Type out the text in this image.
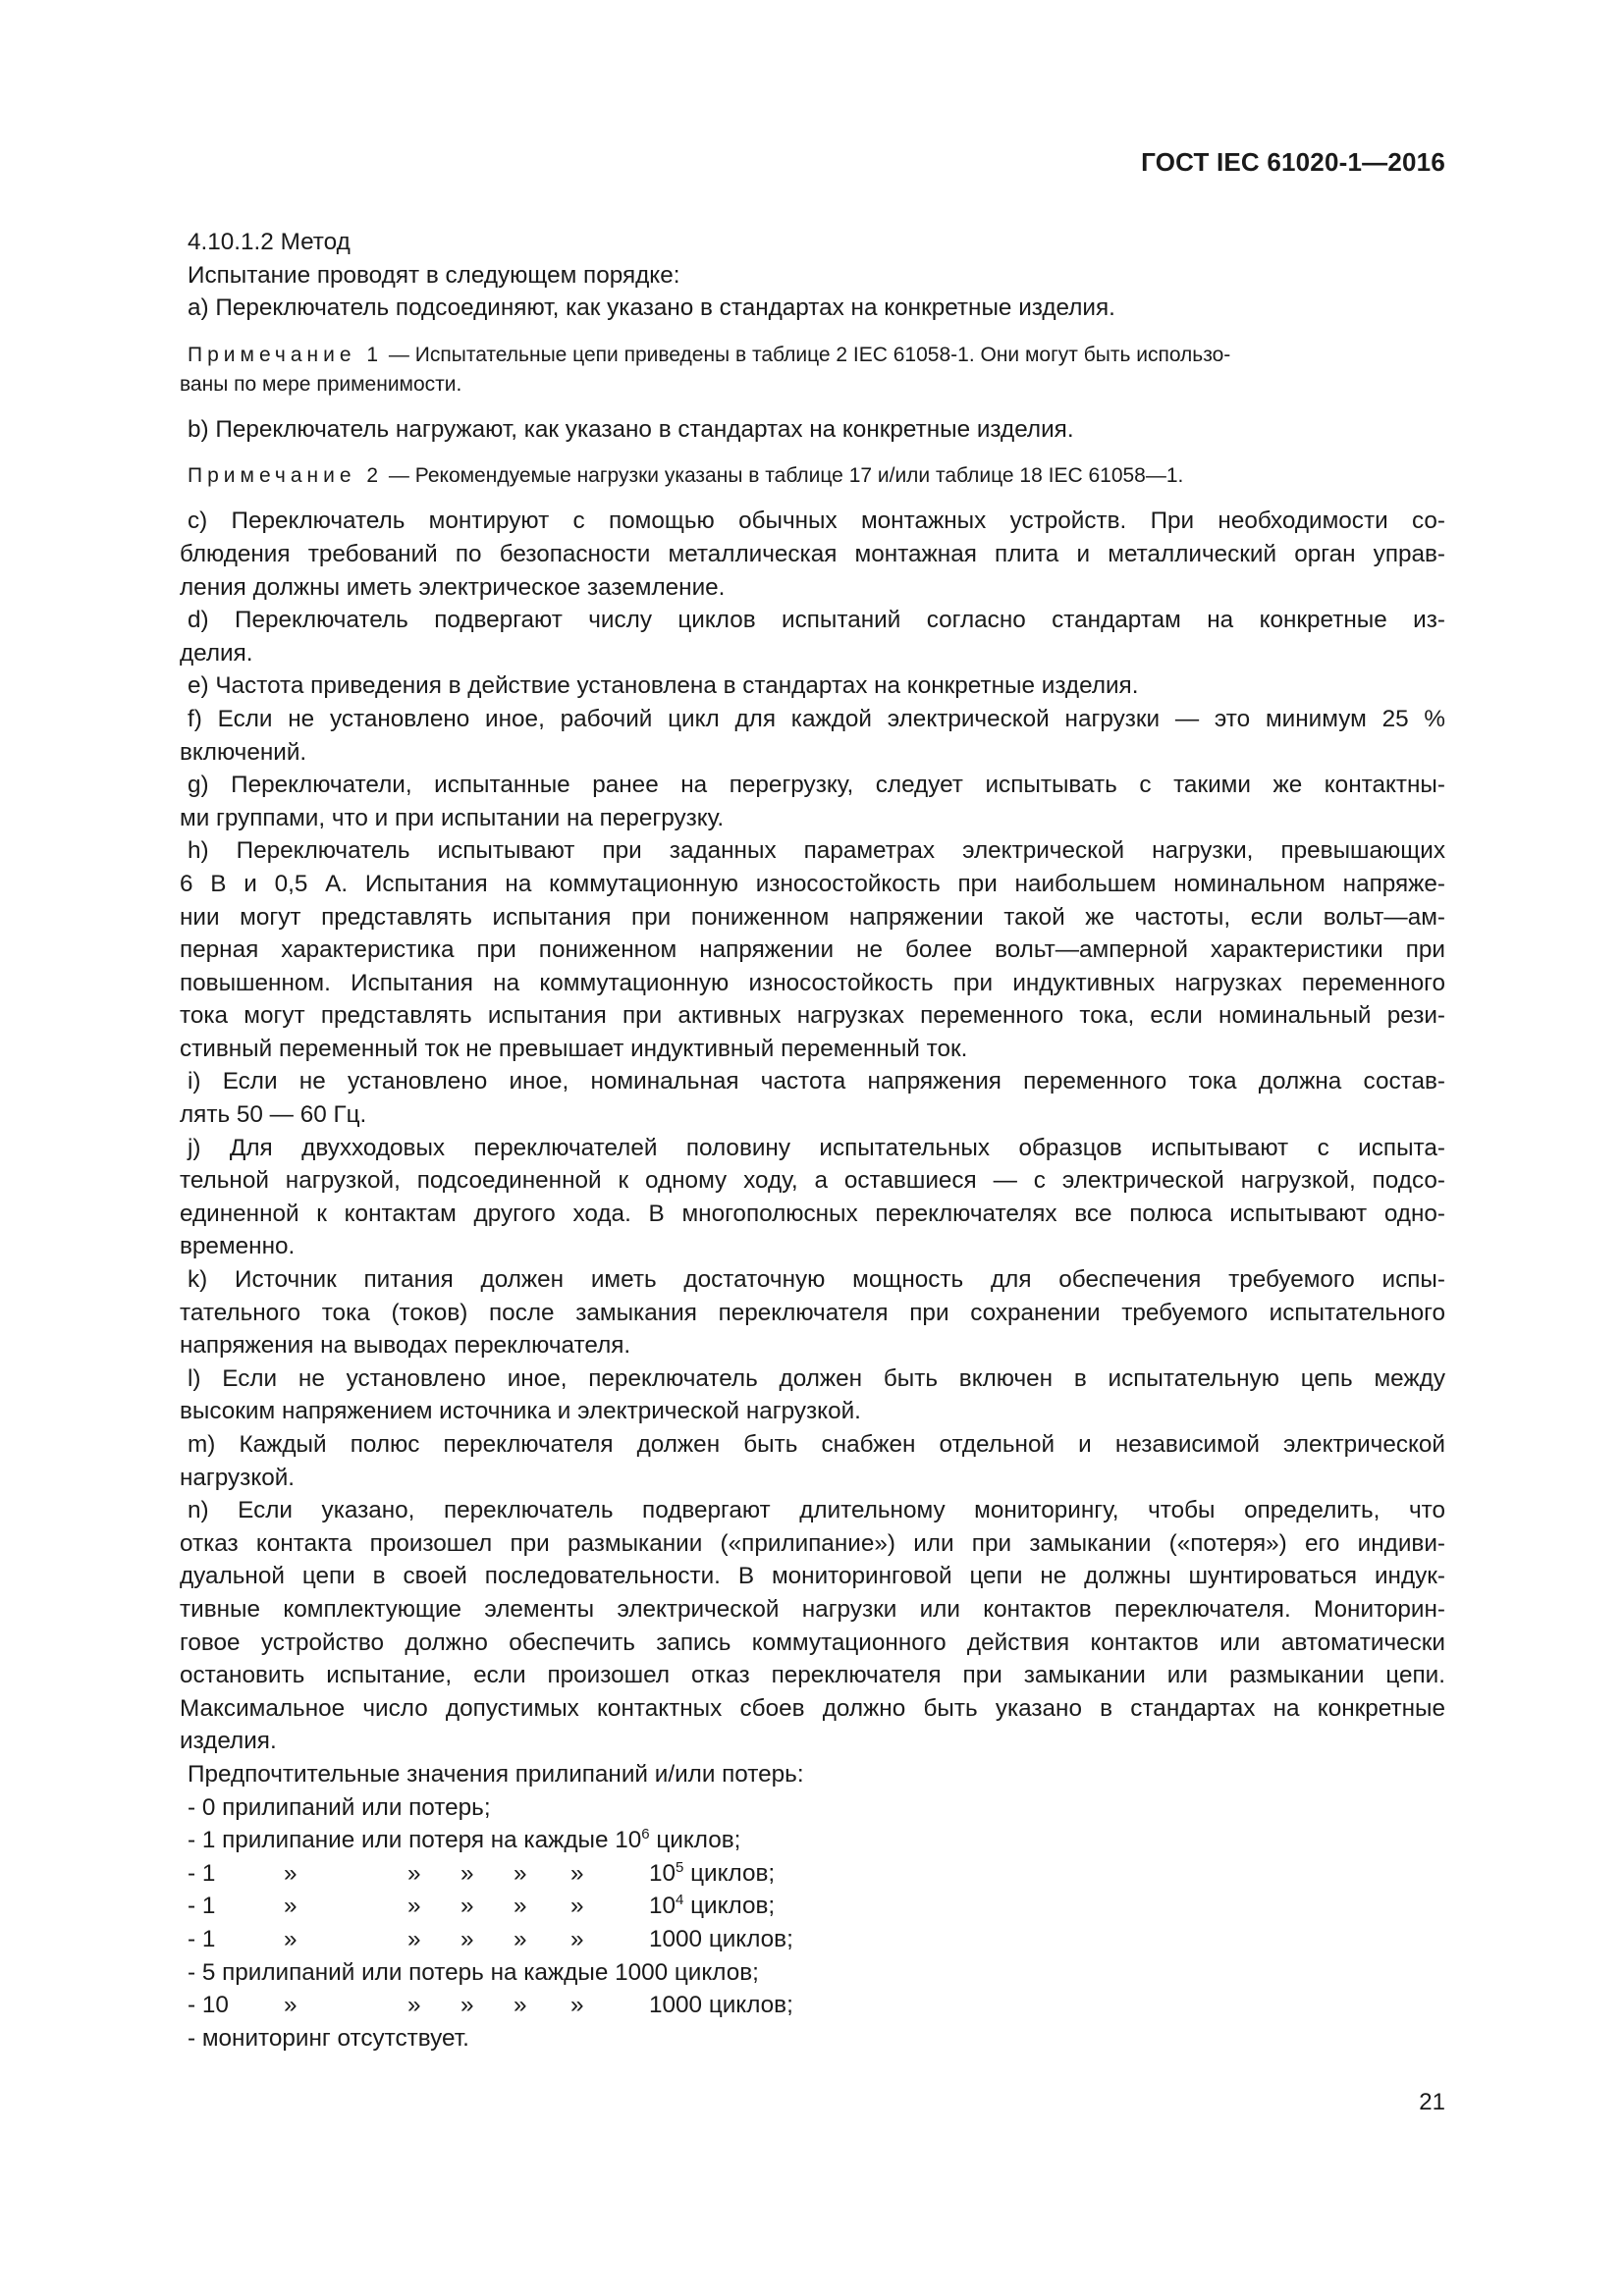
ГОСТ IEC 61020-1—2016
4.10.1.2 Метод
Испытание проводят в следующем порядке:
а) Переключатель подсоединяют, как указано в стандартах на конкретные изделия.
Примечание 1 — Испытательные цепи приведены в таблице 2 IEC 61058-1. Они могут быть использо-
ваны по мере применимости.
b) Переключатель нагружают, как указано в стандартах на конкретные изделия.
Примечание 2 — Рекомендуемые нагрузки указаны в таблице 17 и/или таблице 18 IEC 61058—1.
с) Переключатель монтируют с помощью обычных монтажных устройств. При необходимости со-
блюдения требований по безопасности металлическая монтажная плита и металлический орган управ-
ления должны иметь электрическое заземление.
d) Переключатель подвергают числу циклов испытаний согласно стандартам на конкретные из-
делия.
е) Частота приведения в действие установлена в стандартах на конкретные изделия.
f) Если не установлено иное, рабочий цикл для каждой электрической нагрузки — это минимум 25 %
включений.
g) Переключатели, испытанные ранее на перегрузку, следует испытывать с такими же контактны-
ми группами, что и при испытании на перегрузку.
h) Переключатель испытывают при заданных параметрах электрической нагрузки, превышающих
6 В и 0,5 А. Испытания на коммутационную износостойкость при наибольшем номинальном напряже-
нии могут представлять испытания при пониженном напряжении такой же частоты, если вольт—ам-
перная характеристика при пониженном напряжении не более вольт—амперной характеристики при
повышенном. Испытания на коммутационную износостойкость при индуктивных нагрузках переменного
тока могут представлять испытания при активных нагрузках переменного тока, если номинальный рези-
стивный переменный ток не превышает индуктивный переменный ток.
i) Если не установлено иное, номинальная частота напряжения переменного тока должна состав-
лять 50 — 60 Гц.
j) Для двухходовых переключателей половину испытательных образцов испытывают с испыта-
тельной нагрузкой, подсоединенной к одному ходу, а оставшиеся — с электрической нагрузкой, подсо-
единенной к контактам другого хода. В многополюсных переключателях все полюса испытывают одно-
временно.
k) Источник питания должен иметь достаточную мощность для обеспечения требуемого испы-
тательного тока (токов) после замыкания переключателя при сохранении требуемого испытательного
напряжения на выводах переключателя.
l) Если не установлено иное, переключатель должен быть включен в испытательную цепь между
высоким напряжением источника и электрической нагрузкой.
m) Каждый полюс переключателя должен быть снабжен отдельной и независимой электрической
нагрузкой.
n) Если указано, переключатель подвергают длительному мониторингу, чтобы определить, что
отказ контакта произошел при размыкании («прилипание») или при замыкании («потеря») его индиви-
дуальной цепи в своей последовательности. В мониторинговой цепи не должны шунтироваться индук-
тивные комплектующие элементы электрической нагрузки или контактов переключателя. Мониторин-
говое устройство должно обеспечить запись коммутационного действия контактов или автоматически
остановить испытание, если произошел отказ переключателя при замыкании или размыкании цепи.
Максимальное число допустимых контактных сбоев должно быть указано в стандартах на конкретные
изделия.
Предпочтительные значения прилипаний и/или потерь:
- 0 прилипаний или потерь;
- 1 прилипание или потеря на каждые $10^6$ циклов;
- 1	»	»	»	»	»	$10^5$ циклов;
- 1	»	»	»	»	»	$10^4$ циклов;
- 1	»	»	»	»	»	1000 циклов;
- 5 прилипаний или потерь на каждые 1000 циклов;
- 10	»	»	»	»	»	1000 циклов;
- мониторинг отсутствует.
21
